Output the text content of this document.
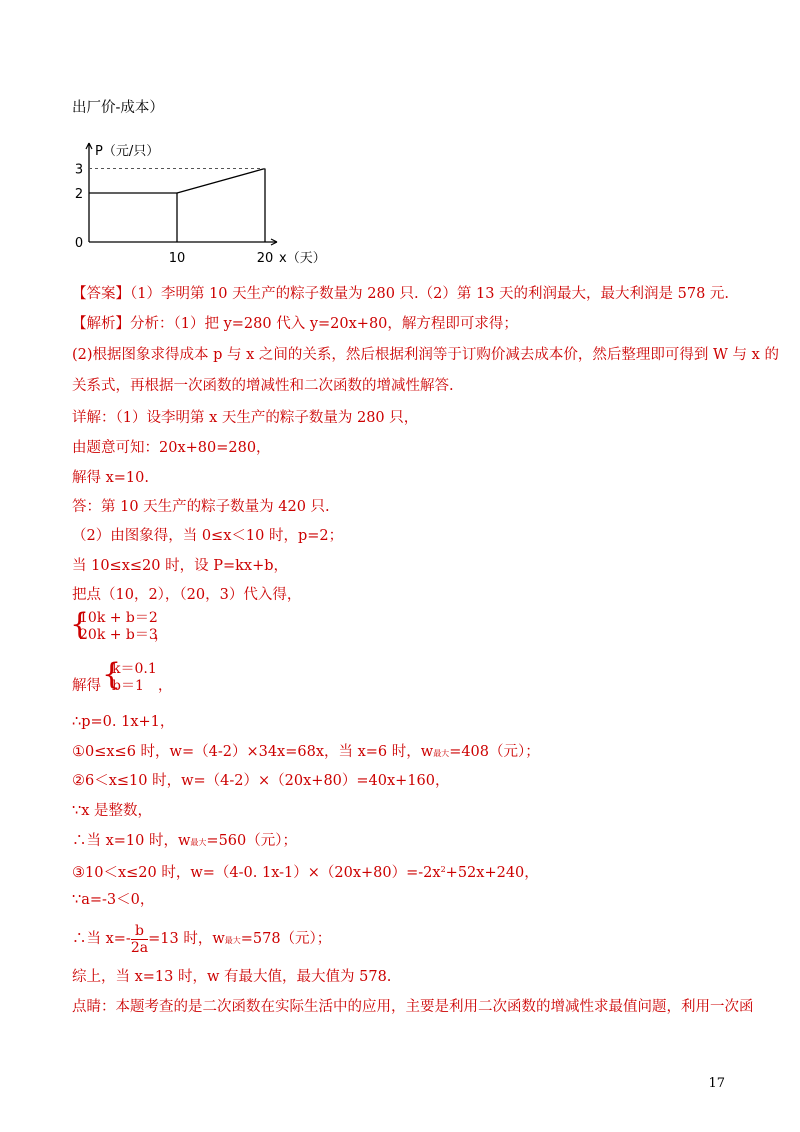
出厂价-成本）
2
3
0
10	20 x（天）
P（元/只）
【答案】（1）李明第 10 天生产的粽子数量为 280 只.（2）第 13 天的利润最大，最大利润是 578 元.
【解析】分析：（1）把 y=280 代入 y=20x+80，解方程即可求得；
(2)根据图象求得成本 p 与 x 之间的关系，然后根据利润等于订购价减去成本价，然后整理即可得到 W 与 x 的
关系式，再根据一次函数的增减性和二次函数的增减性解答.
详解：（1）设李明第 x 天生产的粽子数量为 280 只，
由题意可知：20x+80=280，
解得 x=10.
答：第 10 天生产的粽子数量为 420 只.
（2）由图象得，当 0≤x＜10 时，p=2；
当 10≤x≤20 时，设 P=kx+b，
把点（10，2），（20，3）代入得，
{
10k + b＝2
20k + b＝3
，
解得 {
k＝0.1
b＝1 ，
∴p=0. 1x+1，
①0≤x≤6 时，w=（4-2）×34x=68x，当 x=6 时，w最大=408（元）；
②6＜x≤10 时，w=（4-2）×（20x+80）=40x+160，
∵x 是整数，
∴当 x=10 时，w最大=560（元）；
③10＜x≤20 时，w=（4-0. $1x-1)\times(20x+80)=-2x^2+52x+240$，
∵a=-3＜0，
∴当 $x=- \frac{b}{2a} =13$ 时，w最大=578（元）；
综上，当 x=13 时，w 有最大值，最大值为 578.
点睛：本题考查的是二次函数在实际生活中的应用，主要是利用二次函数的增减性求最值问题，利用一次函
17
